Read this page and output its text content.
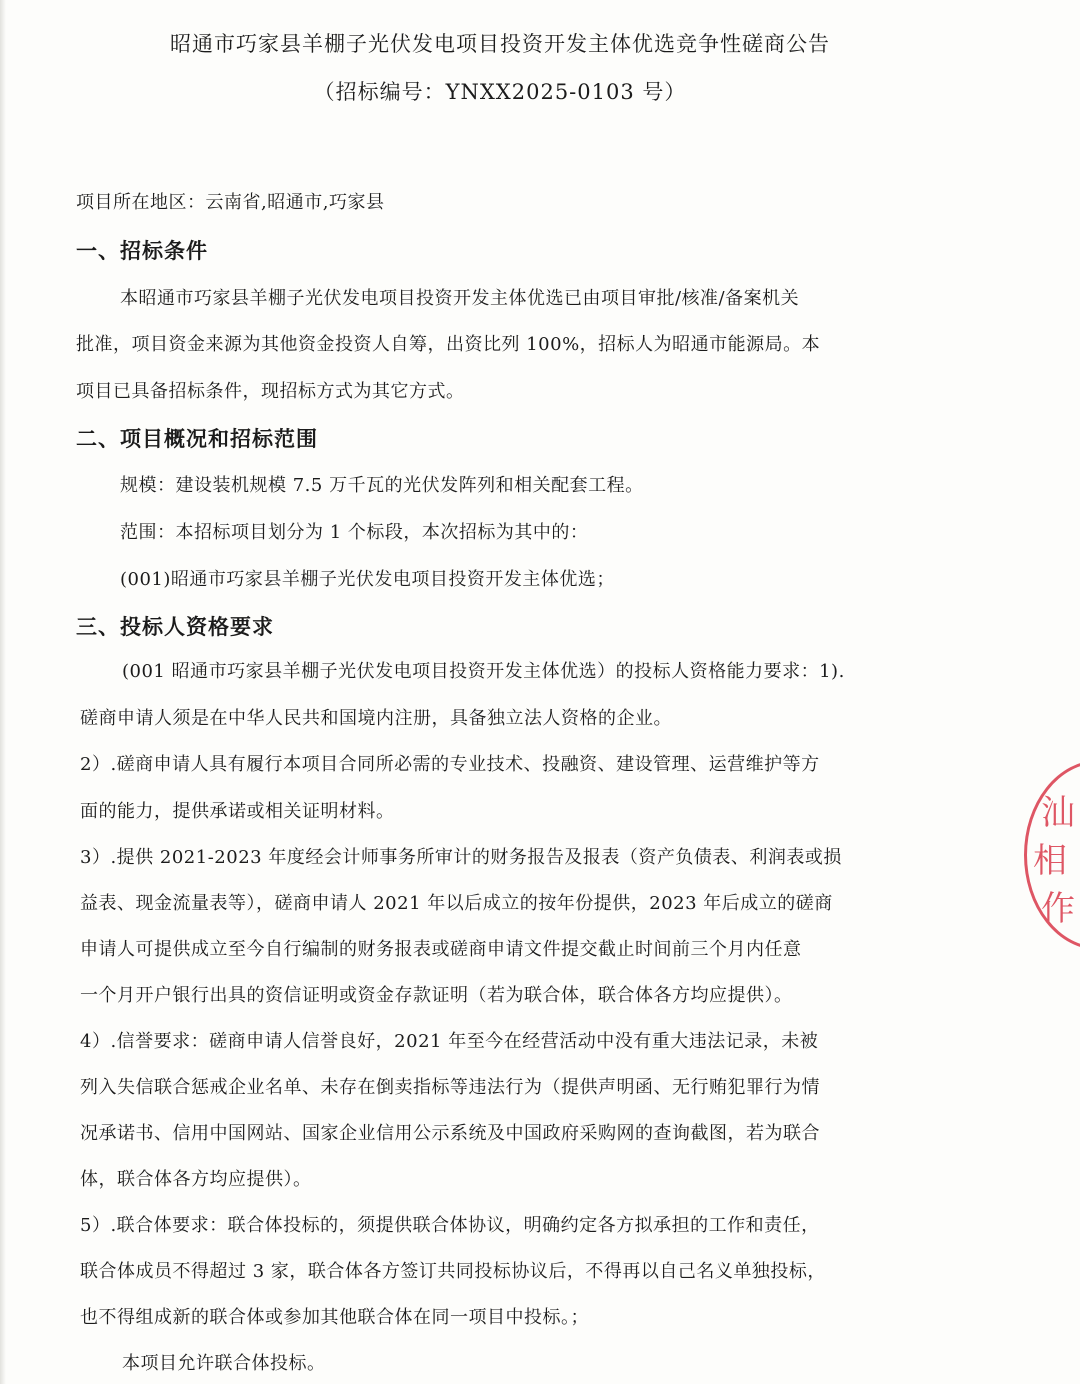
昭通市巧家县羊棚子光伏发电项目投资开发主体优选竞争性磋商公告
（招标编号：YNXX2025-0103 号）
项目所在地区：云南省,昭通市,巧家县
一、招标条件
本昭通市巧家县羊棚子光伏发电项目投资开发主体优选已由项目审批/核准/备案机关
批准，项目资金来源为其他资金投资人自筹，出资比列 100%，招标人为昭通市能源局。本
项目已具备招标条件，现招标方式为其它方式。
二、项目概况和招标范围
规模：建设装机规模 7.5 万千瓦的光伏发阵列和相关配套工程。
范围：本招标项目划分为 1 个标段，本次招标为其中的：
(001)昭通市巧家县羊棚子光伏发电项目投资开发主体优选；
三、投标人资格要求
(001 昭通市巧家县羊棚子光伏发电项目投资开发主体优选）的投标人资格能力要求：1).
磋商申请人须是在中华人民共和国境内注册，具备独立法人资格的企业。
2）.磋商申请人具有履行本项目合同所必需的专业技术、投融资、建设管理、运营维护等方
面的能力，提供承诺或相关证明材料。
3）.提供 2021-2023 年度经会计师事务所审计的财务报告及报表（资产负债表、利润表或损
益表、现金流量表等），磋商申请人 2021 年以后成立的按年份提供，2023 年后成立的磋商
申请人可提供成立至今自行编制的财务报表或磋商申请文件提交截止时间前三个月内任意
一个月开户银行出具的资信证明或资金存款证明（若为联合体，联合体各方均应提供）。
4）.信誉要求：磋商申请人信誉良好，2021 年至今在经营活动中没有重大违法记录，未被
列入失信联合惩戒企业名单、未存在倒卖指标等违法行为（提供声明函、无行贿犯罪行为情
况承诺书、信用中国网站、国家企业信用公示系统及中国政府采购网的查询截图，若为联合
体，联合体各方均应提供）。
5）.联合体要求：联合体投标的，须提供联合体协议，明确约定各方拟承担的工作和责任，
联合体成员不得超过 3 家，联合体各方签订共同投标协议后，不得再以自己名义单独投标，
也不得组成新的联合体或参加其他联合体在同一项目中投标。；
本项目允许联合体投标。
汕
相
作
